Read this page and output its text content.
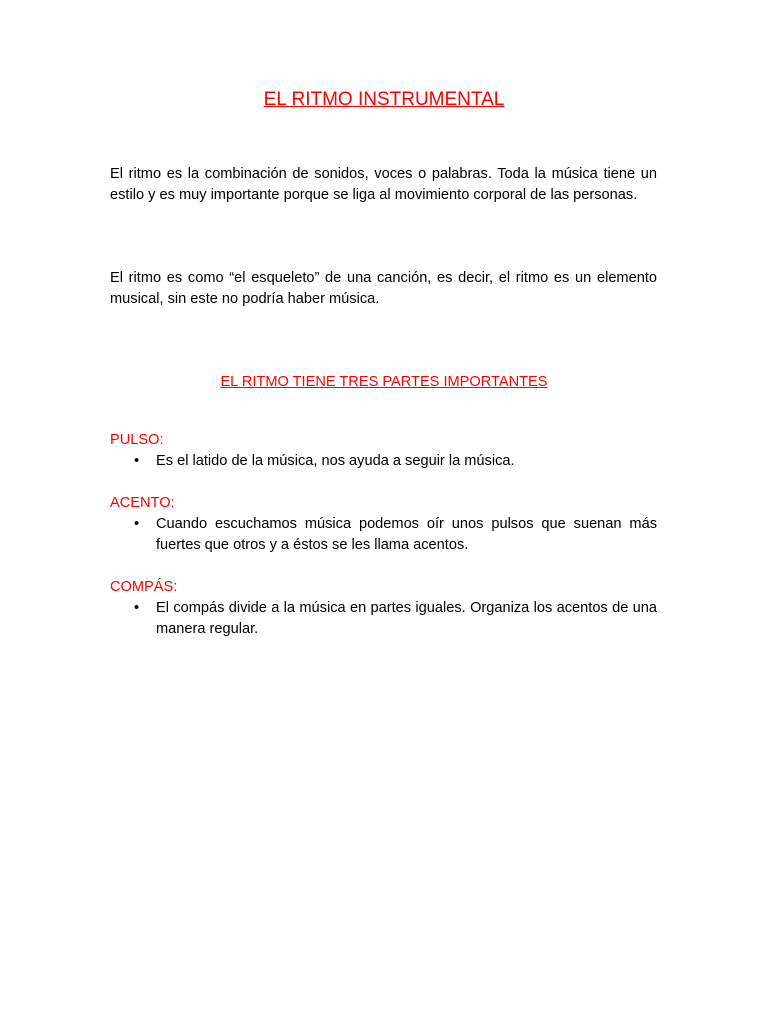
EL RITMO INSTRUMENTAL

El ritmo es la combinación de sonidos, voces o palabras. Toda la música tiene un estilo y es muy importante porque se liga al movimiento corporal de las personas.

El ritmo es como “el esqueleto” de una canción, es decir, el ritmo es un elemento musical, sin este no podría haber música.

EL RITMO TIENE TRES PARTES IMPORTANTES

PULSO:

• Es el latido de la música, nos ayuda a seguir la música.

ACENTO:

• Cuando escuchamos música podemos oír unos pulsos que suenan más fuertes que otros y a éstos se les llama acentos.

COMPÁS:

• El compás divide a la música en partes iguales. Organiza los acentos de una manera regular.
